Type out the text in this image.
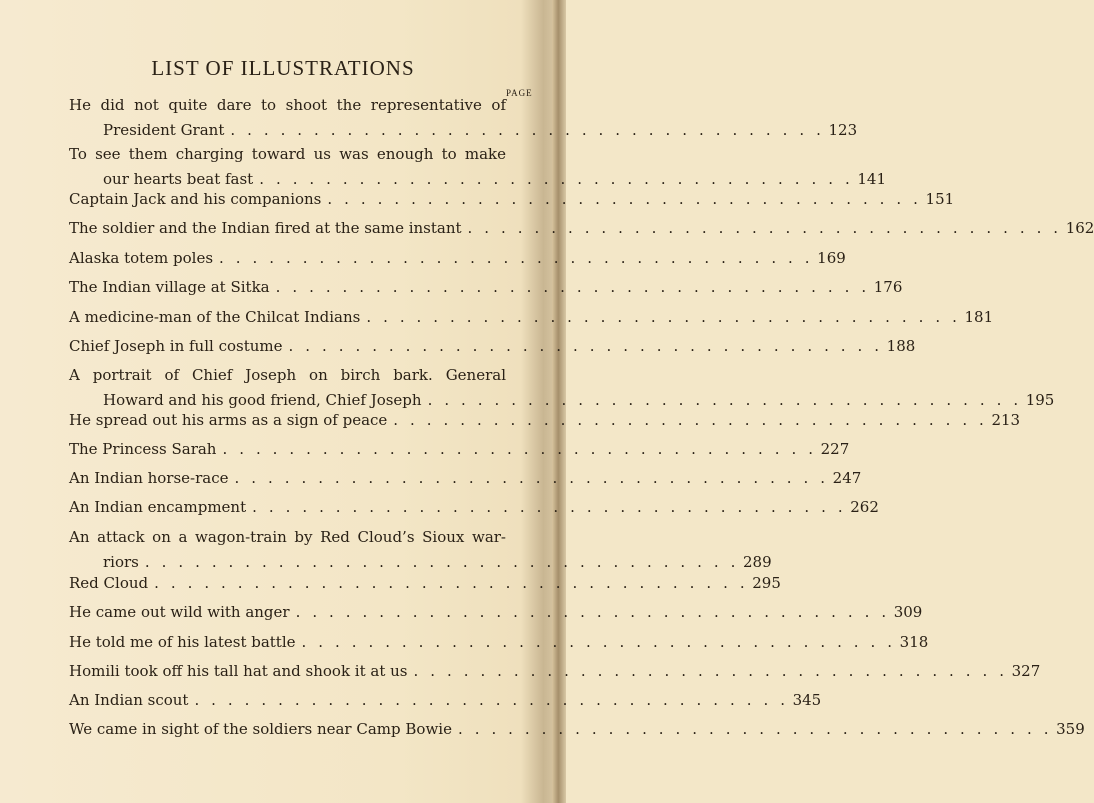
LIST OF ILLUSTRATIONS
PAGE
He did not quite dare to shoot the representative of
President Grant . . . . . . . . . . . . . . . . . . . . . . . . . . . . . . . . . . . . 123
To see them charging toward us was enough to make
our hearts beat fast . . . . . . . . . . . . . . . . . . . . . . . . . . . . . . . . . . . . 141
Captain Jack and his companions . . . . . . . . . . . . . . . . . . . . . . . . . . . . . . . . . . . . 151
The soldier and the Indian fired at the same instant . . . . . . . . . . . . . . . . . . . . . . . . . . . . . . . . . . . . 162
Alaska totem poles . . . . . . . . . . . . . . . . . . . . . . . . . . . . . . . . . . . . 169
The Indian village at Sitka . . . . . . . . . . . . . . . . . . . . . . . . . . . . . . . . . . . . 176
A medicine-man of the Chilcat Indians . . . . . . . . . . . . . . . . . . . . . . . . . . . . . . . . . . . . 181
Chief Joseph in full costume . . . . . . . . . . . . . . . . . . . . . . . . . . . . . . . . . . . . 188
A portrait of Chief Joseph on birch bark. General
Howard and his good friend, Chief Joseph . . . . . . . . . . . . . . . . . . . . . . . . . . . . . . . . . . . . 195
He spread out his arms as a sign of peace . . . . . . . . . . . . . . . . . . . . . . . . . . . . . . . . . . . . 213
The Princess Sarah . . . . . . . . . . . . . . . . . . . . . . . . . . . . . . . . . . . . 227
An Indian horse-race . . . . . . . . . . . . . . . . . . . . . . . . . . . . . . . . . . . . 247
An Indian encampment . . . . . . . . . . . . . . . . . . . . . . . . . . . . . . . . . . . . 262
An attack on a wagon-train by Red Cloud’s Sioux war-
riors . . . . . . . . . . . . . . . . . . . . . . . . . . . . . . . . . . . . 289
Red Cloud . . . . . . . . . . . . . . . . . . . . . . . . . . . . . . . . . . . . 295
He came out wild with anger . . . . . . . . . . . . . . . . . . . . . . . . . . . . . . . . . . . . 309
He told me of his latest battle . . . . . . . . . . . . . . . . . . . . . . . . . . . . . . . . . . . . 318
Homili took off his tall hat and shook it at us . . . . . . . . . . . . . . . . . . . . . . . . . . . . . . . . . . . . 327
An Indian scout . . . . . . . . . . . . . . . . . . . . . . . . . . . . . . . . . . . . 345
We came in sight of the soldiers near Camp Bowie . . . . . . . . . . . . . . . . . . . . . . . . . . . . . . . . . . . . 359
